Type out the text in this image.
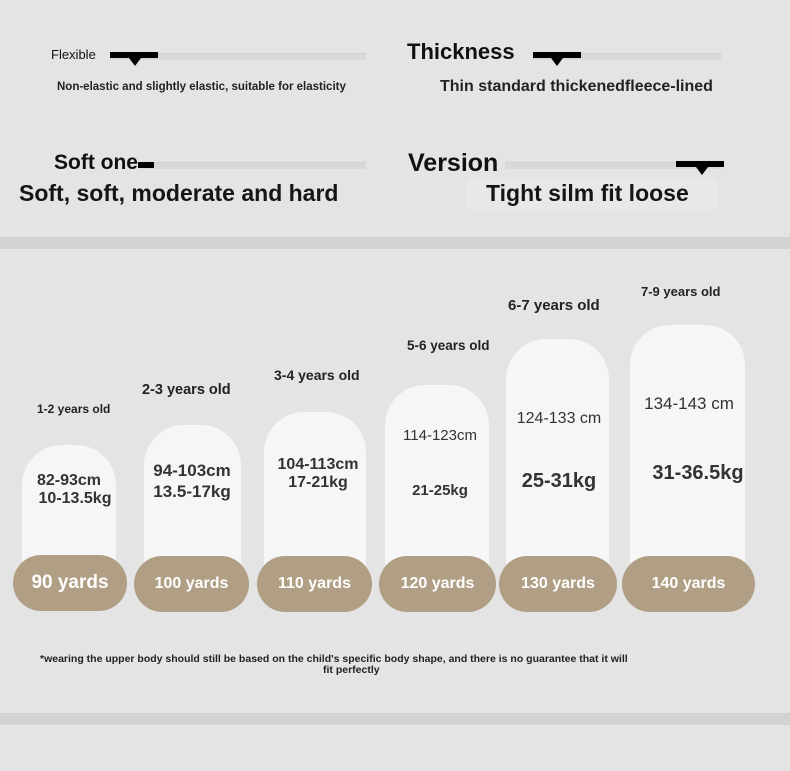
Flexible
Non-elastic and slightly elastic, suitable for elasticity
Thickness
Thin standard thickenedfleece-lined
Soft one
Soft, soft, moderate and hard
Version
Tight silm fit loose
1-2 years old
82-93cm
10-13.5kg
90 yards
2-3 years old
94-103cm
13.5-17kg
100 yards
3-4 years old
104-113cm
17-21kg
110 yards
5-6 years old
114-123cm
21-25kg
120 yards
6-7 years old
124-133 cm
25-31kg
130 yards
7-9 years old
134-143 cm
31-36.5kg
140 yards
*wearing the upper body should still be based on the child's specific body shape, and there is no guarantee that it will
fit perfectly
